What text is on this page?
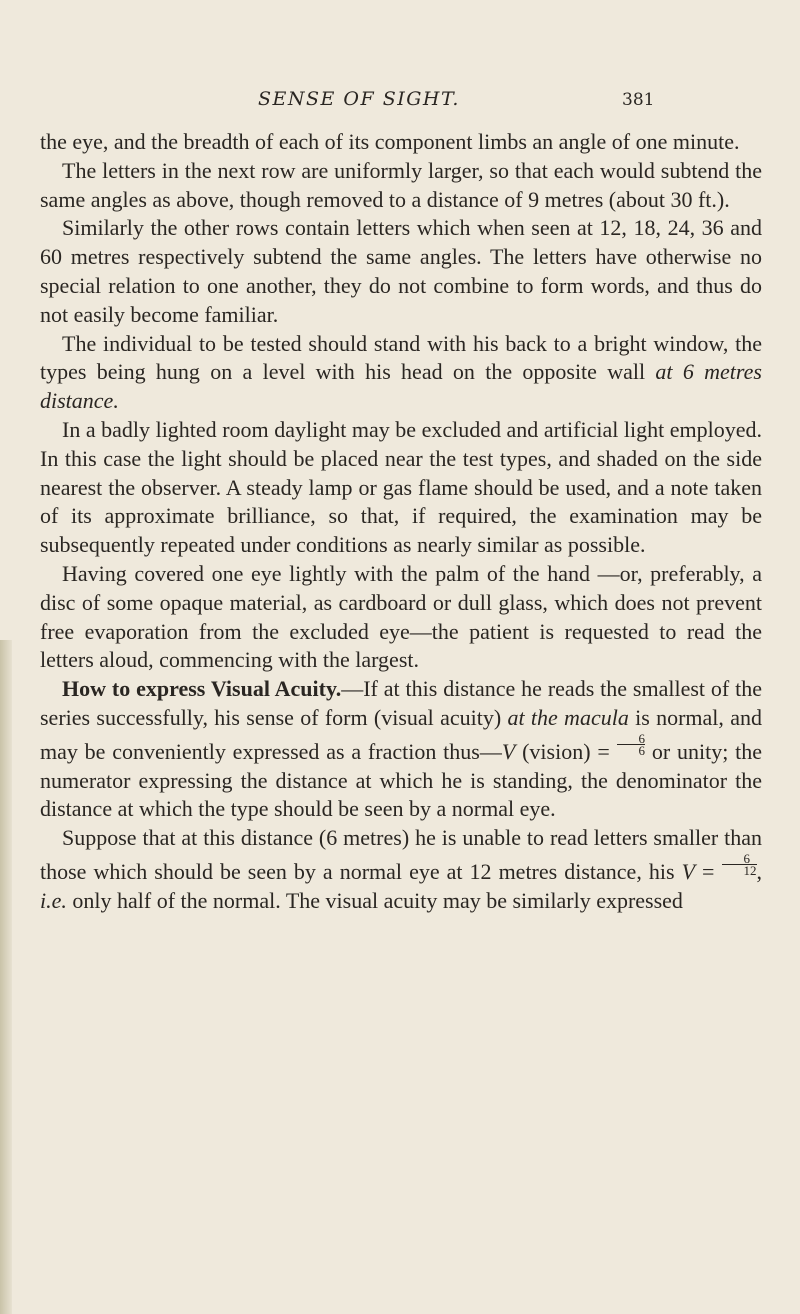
SENSE OF SIGHT.	381

the eye, and the breadth of each of its component limbs an angle of one minute.

The letters in the next row are uniformly larger, so that each would subtend the same angles as above, though removed to a distance of 9 metres (about 30 ft.).

Similarly the other rows contain letters which when seen at 12, 18, 24, 36 and 60 metres respectively subtend the same angles. The letters have otherwise no special relation to one another, they do not combine to form words, and thus do not easily become familiar.

The individual to be tested should stand with his back to a bright window, the types being hung on a level with his head on the opposite wall at 6 metres distance.

In a badly lighted room daylight may be excluded and artificial light employed. In this case the light should be placed near the test types, and shaded on the side nearest the observer. A steady lamp or gas flame should be used, and a note taken of its approximate brilliance, so that, if required, the examination may be subsequently repeated under conditions as nearly similar as possible.

Having covered one eye lightly with the palm of the hand —or, preferably, a disc of some opaque material, as cardboard or dull glass, which does not prevent free evaporation from the excluded eye—the patient is requested to read the letters aloud, commencing with the largest.

How to express Visual Acuity.—If at this distance he reads the smallest of the series successfully, his sense of form (visual acuity) at the macula is normal, and may be conveniently expressed as a fraction thus—V (vision) = $\frac{6}{6}$ or unity; the numerator expressing the distance at which he is standing, the denominator the distance at which the type should be seen by a normal eye.

Suppose that at this distance (6 metres) he is unable to read letters smaller than those which should be seen by a normal eye at 12 metres distance, his $V = \frac{6}{12}$ , i.e. only half of the normal. The visual acuity may be similarly expressed
